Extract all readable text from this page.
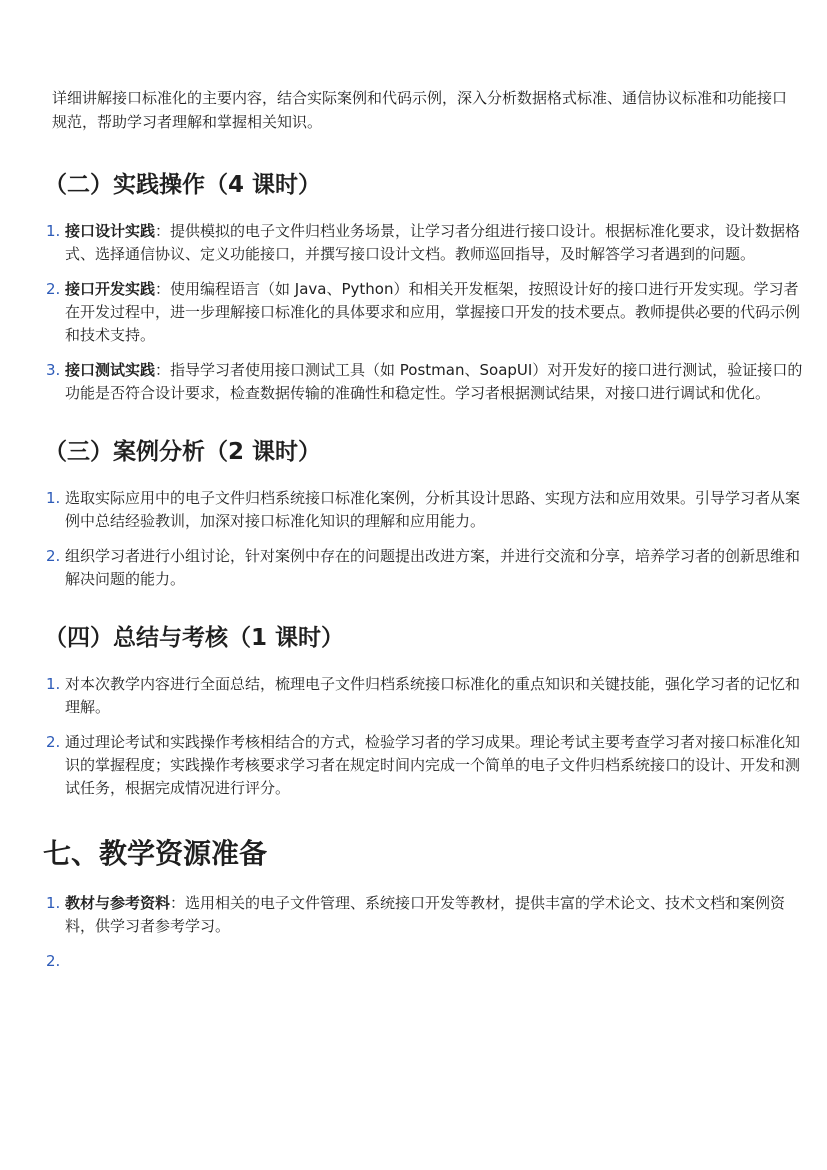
详细讲解接口标准化的主要内容，结合实际案例和代码示例，深入分析数据格式标准、通信协议标准和功能接口规范，帮助学习者理解和掌握相关知识。

（二）实践操作（4 课时）
1. 接口设计实践：提供模拟的电子文件归档业务场景，让学习者分组进行接口设计。根据标准化要求，设计数据格式、选择通信协议、定义功能接口，并撰写接口设计文档。教师巡回指导，及时解答学习者遇到的问题。
2. 接口开发实践：使用编程语言（如 Java、Python）和相关开发框架，按照设计好的接口进行开发实现。学习者在开发过程中，进一步理解接口标准化的具体要求和应用，掌握接口开发的技术要点。教师提供必要的代码示例和技术支持。
3. 接口测试实践：指导学习者使用接口测试工具（如 Postman、SoapUI）对开发好的接口进行测试，验证接口的功能是否符合设计要求，检查数据传输的准确性和稳定性。学习者根据测试结果，对接口进行调试和优化。
（三）案例分析（2 课时）
1. 选取实际应用中的电子文件归档系统接口标准化案例，分析其设计思路、实现方法和应用效果。引导学习者从案例中总结经验教训，加深对接口标准化知识的理解和应用能力。
2. 组织学习者进行小组讨论，针对案例中存在的问题提出改进方案，并进行交流和分享，培养学习者的创新思维和解决问题的能力。
（四）总结与考核（1 课时）
1. 对本次教学内容进行全面总结，梳理电子文件归档系统接口标准化的重点知识和关键技能，强化学习者的记忆和理解。
2. 通过理论考试和实践操作考核相结合的方式，检验学习者的学习成果。理论考试主要考查学习者对接口标准化知识的掌握程度；实践操作考核要求学习者在规定时间内完成一个简单的电子文件归档系统接口的设计、开发和测试任务，根据完成情况进行评分。
七、教学资源准备
1. 教材与参考资料：选用相关的电子文件管理、系统接口开发等教材，提供丰富的学术论文、技术文档和案例资料，供学习者参考学习。
2.
